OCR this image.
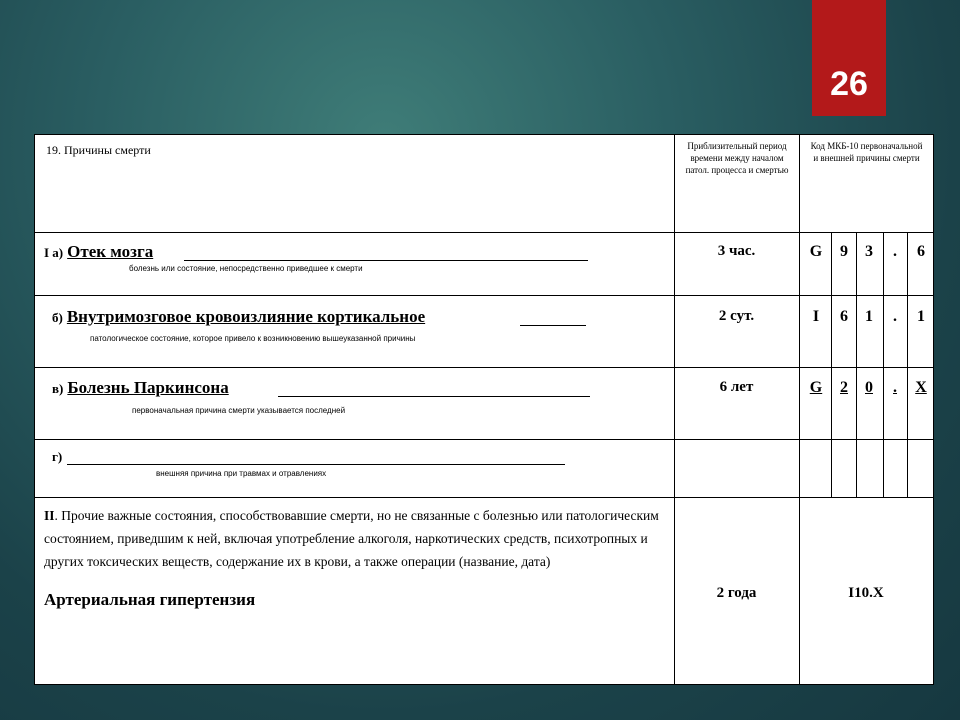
26
19. Причины смерти	Приблизительный период времени между началом патол. процесса и смертью
Код МКБ-10 первоначальной и внешней причины смерти
I а) Отек мозга
болезнь или состояние, непосредственно приведшее к смерти
3 час.	G	9	3	.	6
б) Внутримозговое кровоизлияние кортикальное
патологическое состояние, которое привело к возникновению вышеуказанной причины
2 сут.	I	6	1	.	1
в) Болезнь Паркинсона
первоначальная причина смерти указывается последней
6 лет	G	2	0	.	X
г)
внешняя причина при травмах и отравлениях
II. Прочие важные состояния, способствовавшие смерти, но не связанные с болезнью или патологическим состоянием, приведшим к ней, включая употребление алкоголя, наркотических средств, психотропных и других токсических веществ, содержание их в крови, а также операции (название, дата)
Артериальная гипертензия	2 года	I10.X
